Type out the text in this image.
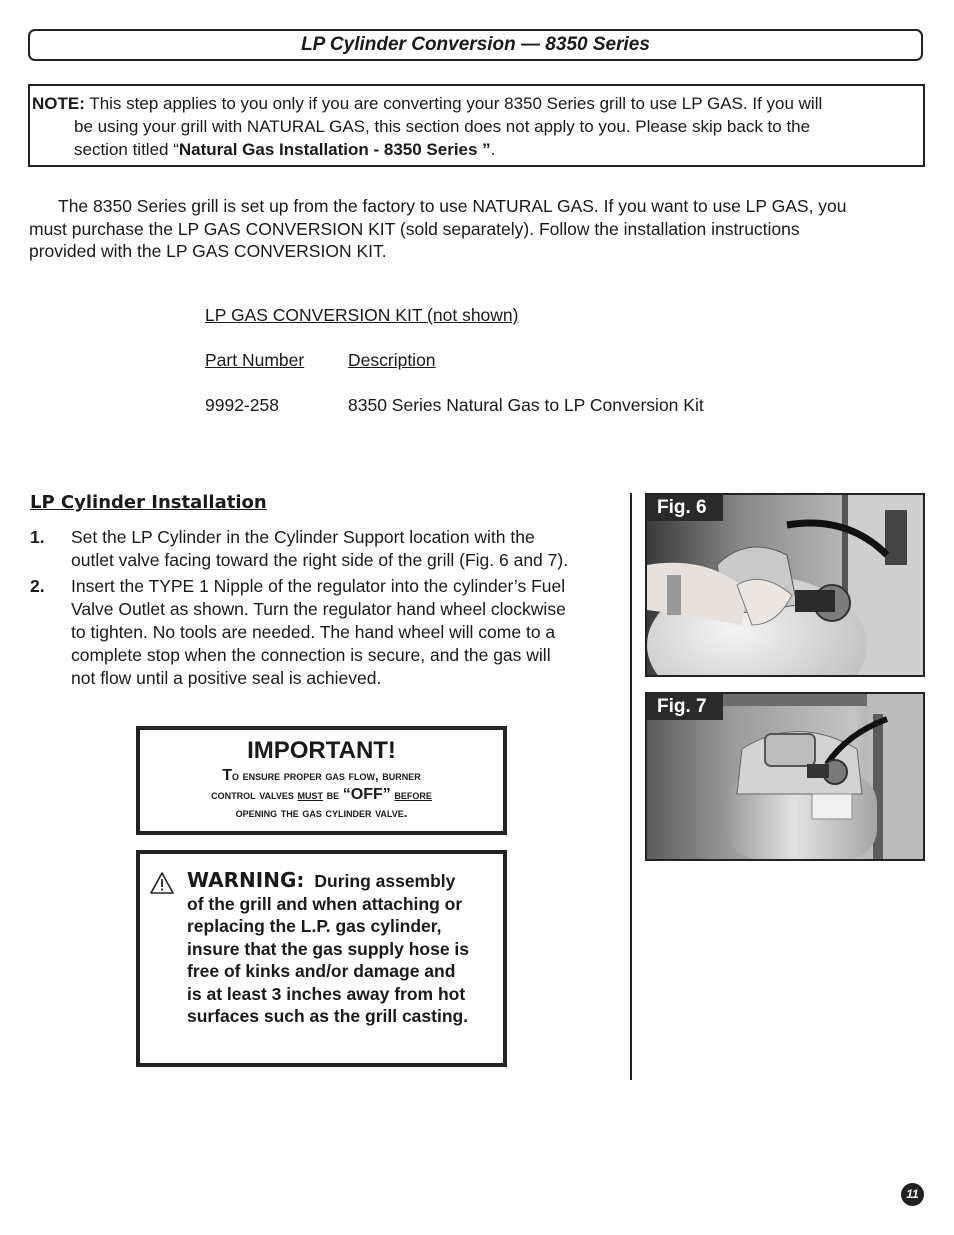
LP Cylinder Conversion — 8350 Series
NOTE: This step applies to you only if you are converting your 8350 Series grill to use LP GAS. If you will
be using your grill with NATURAL GAS, this section does not apply to you. Please skip back to the
section titled “Natural Gas Installation - 8350 Series ”.
The 8350 Series grill is set up from the factory to use NATURAL GAS. If you want to use LP GAS, you
must purchase the LP GAS CONVERSION KIT (sold separately). Follow the installation instructions
provided with the LP GAS CONVERSION KIT.
LP GAS CONVERSION KIT (not shown)
Part Number	Description
9992-258	8350 Series Natural Gas to LP Conversion Kit
LP Cylinder Installation
1. Set the LP Cylinder in the Cylinder Support location with the
outlet valve facing toward the right side of the grill (Fig. 6 and 7).
2. Insert the TYPE 1 Nipple of the regulator into the cylinder’s Fuel
Valve Outlet as shown. Turn the regulator hand wheel clockwise
to tighten. No tools are needed. The hand wheel will come to a
complete stop when the connection is secure, and the gas will
not flow until a positive seal is achieved.
Fig. 6
Fig. 7
IMPORTANT!
To ensure proper gas flow, burner
control valves must be “OFF” before
opening the gas cylinder valve.
WARNING: During assembly
of the grill and when attaching or
replacing the L.P. gas cylinder,
insure that the gas supply hose is
free of kinks and/or damage and
is at least 3 inches away from hot
surfaces such as the grill casting.
11
